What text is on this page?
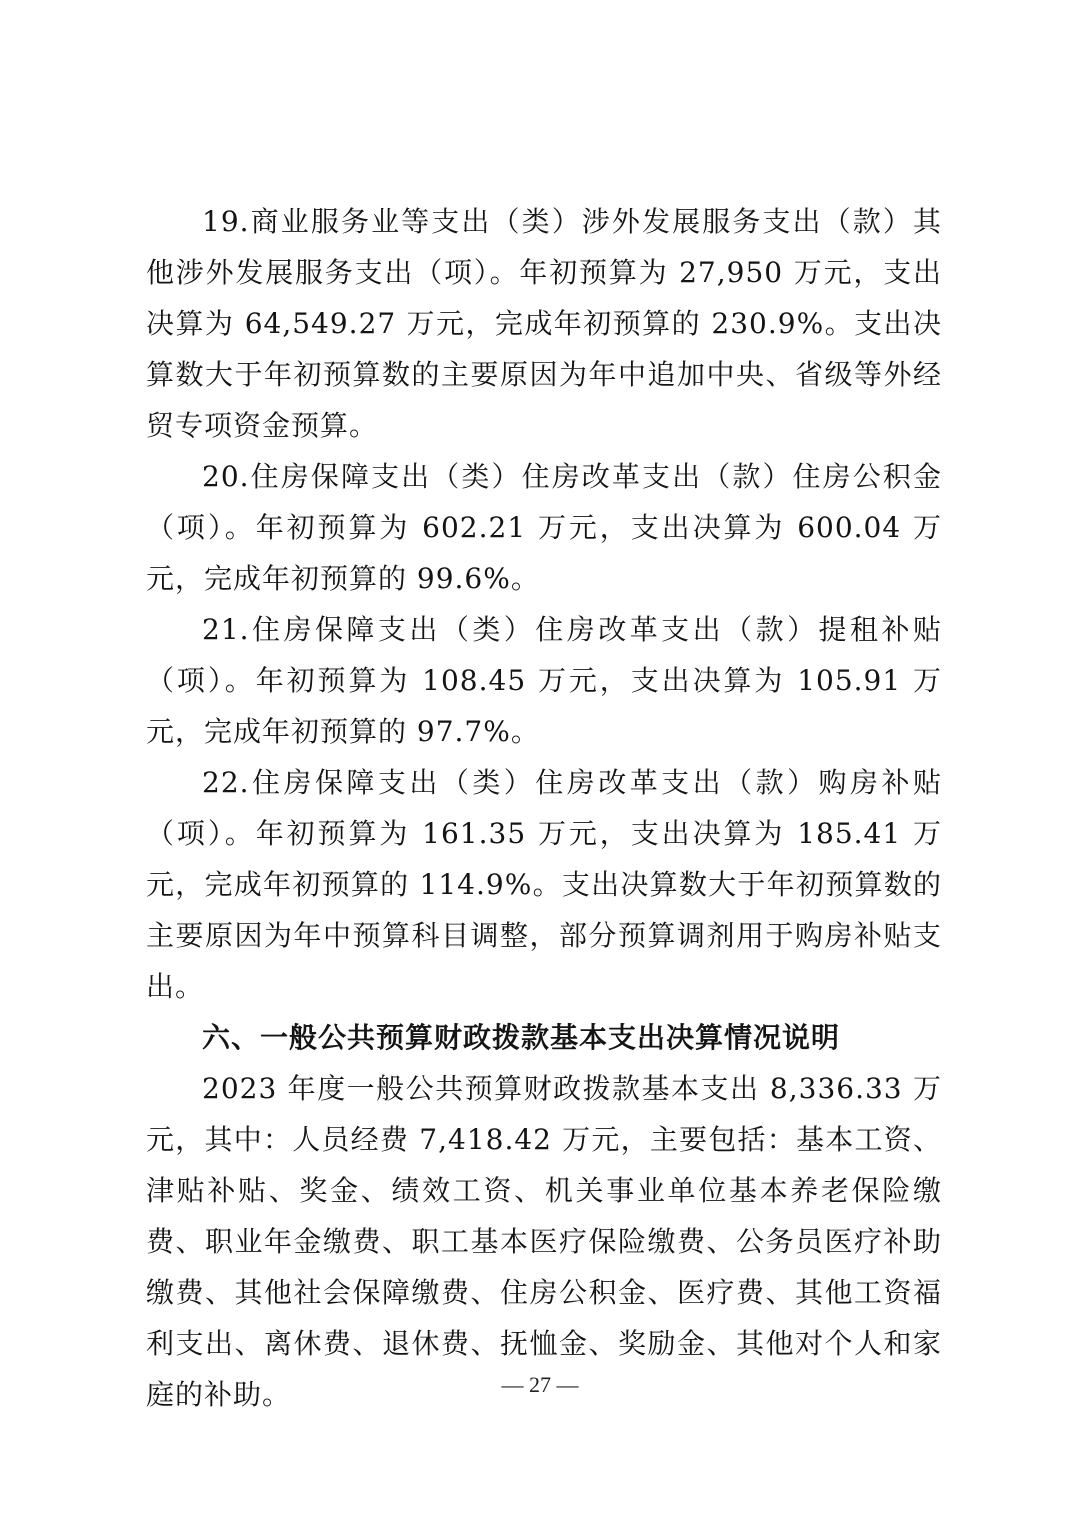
19.商业服务业等支出（类）涉外发展服务支出（款）其他涉外发展服务支出（项）。年初预算为 27,950 万元，支出决算为 64,549.27 万元，完成年初预算的 230.9%。支出决算数大于年初预算数的主要原因为年中追加中央、省级等外经贸专项资金预算。

20.住房保障支出（类）住房改革支出（款）住房公积金（项）。年初预算为 602.21 万元，支出决算为 600.04 万元，完成年初预算的 99.6%。

21.住房保障支出（类）住房改革支出（款）提租补贴（项）。年初预算为 108.45 万元，支出决算为 105.91 万元，完成年初预算的 97.7%。

22.住房保障支出（类）住房改革支出（款）购房补贴（项）。年初预算为 161.35 万元，支出决算为 185.41 万元，完成年初预算的 114.9%。支出决算数大于年初预算数的主要原因为年中预算科目调整，部分预算调剂用于购房补贴支出。

六、一般公共预算财政拨款基本支出决算情况说明

2023 年度一般公共预算财政拨款基本支出 8,336.33 万元，其中：人员经费 7,418.42 万元，主要包括：基本工资、津贴补贴、奖金、绩效工资、机关事业单位基本养老保险缴费、职业年金缴费、职工基本医疗保险缴费、公务员医疗补助缴费、其他社会保障缴费、住房公积金、医疗费、其他工资福利支出、离休费、退休费、抚恤金、奖励金、其他对个人和家庭的补助。	— 27 —
